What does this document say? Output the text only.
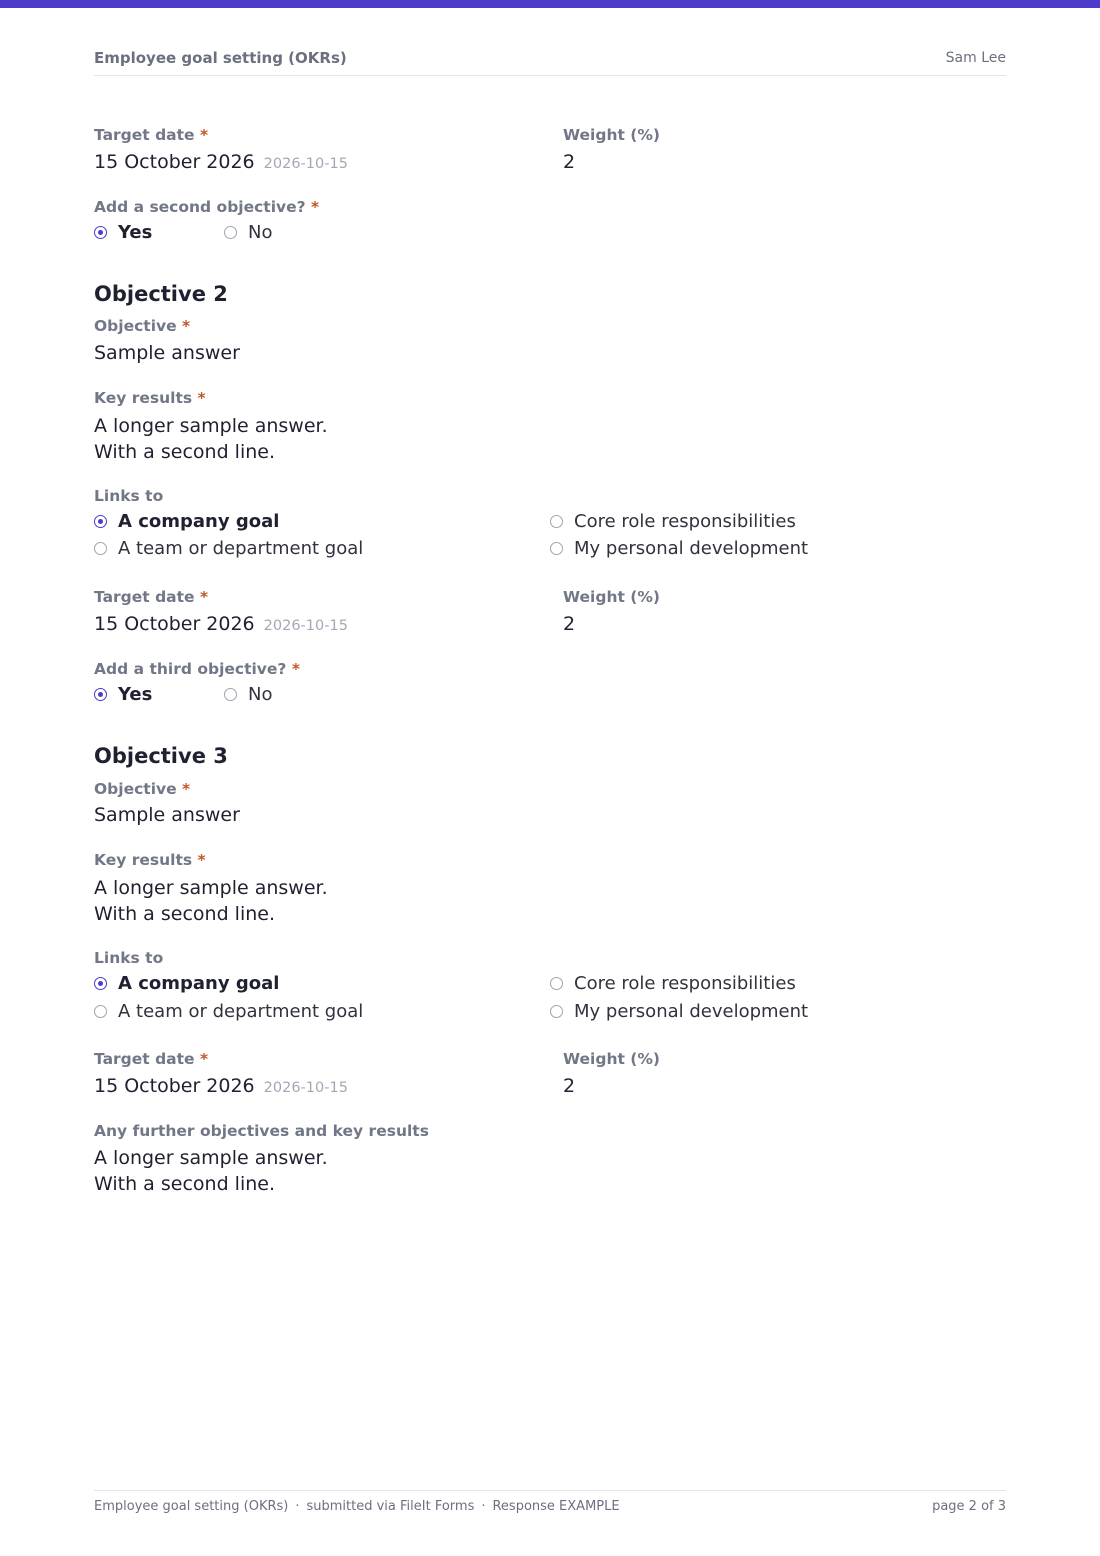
Employee goal setting (OKRs)	Sam Lee
Target date *
15 October 2026 2026-10-15
Weight (%)
2
Add a second objective? *
Yes	No
Objective 2
Objective *
Sample answer
Key results *
A longer sample answer.
With a second line.
Links to
A company goal	Core role responsibilities
A team or department goal	My personal development
Target date *
15 October 2026 2026-10-15
Weight (%)
2
Add a third objective? *
Yes	No
Objective 3
Objective *
Sample answer
Key results *
A longer sample answer.
With a second line.
Links to
A company goal	Core role responsibilities
A team or department goal	My personal development
Target date *
15 October 2026 2026-10-15
Weight (%)
2
Any further objectives and key results
A longer sample answer.
With a second line.
Employee goal setting (OKRs) · submitted via FileIt Forms · Response EXAMPLE	page 2 of 3
